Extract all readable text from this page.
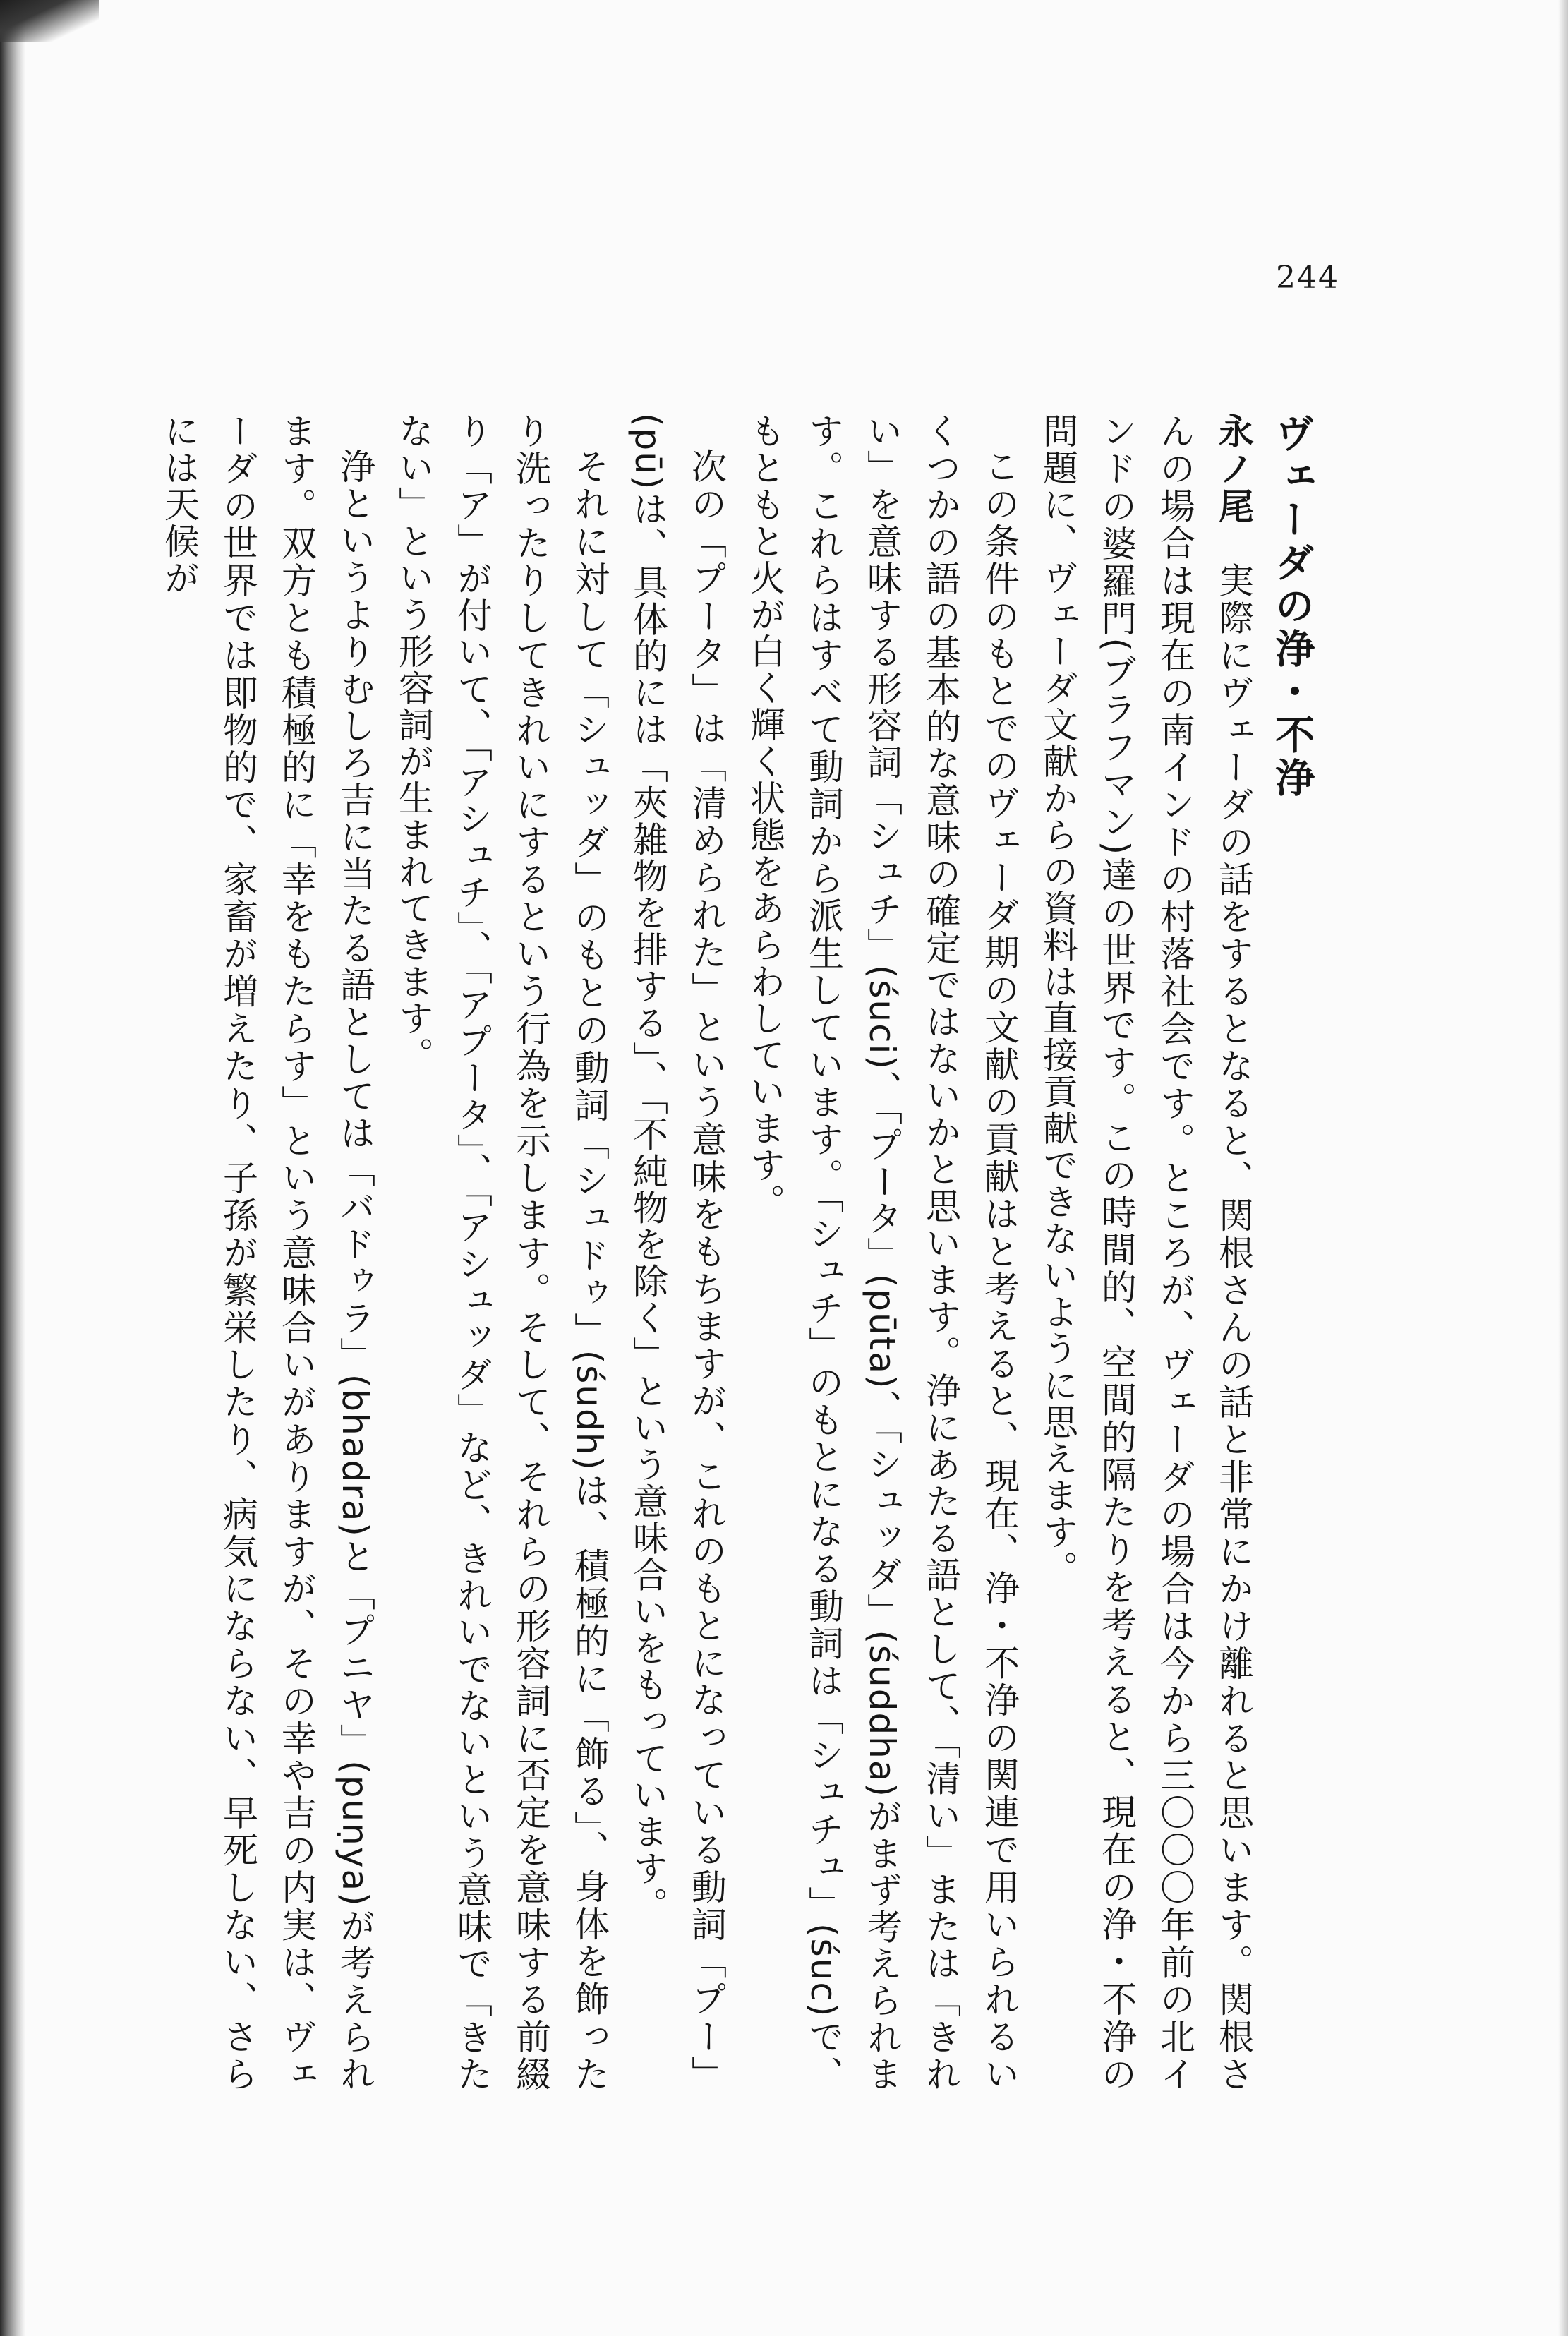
244

ヴェーダの浄・不浄

永ノ尾　実際にヴェーダの話をするとなると、関根さんの話と非常にかけ離れると思います。関根さんの場合は現在の南インドの村落社会です。ところが、ヴェーダの場合は今から三〇〇〇年前の北インドの婆羅門(ブラフマン)達の世界です。この時間的、空間的隔たりを考えると、現在の浄・不浄の問題に、ヴェーダ文献からの資料は直接貢献できないように思えます。

この条件のもとでのヴェーダ期の文献の貢献はと考えると、現在、浄・不浄の関連で用いられるいくつかの語の基本的な意味の確定ではないかと思います。浄にあたる語として、「清い」または「きれい」を意味する形容詞「シュチ」(śuci)、「プータ」(pūta)、「シュッダ」(śuddha)がまず考えられます。これらはすべて動詞から派生しています。「シュチ」のもとになる動詞は「シュチュ」(śuc)で、もともと火が白く輝く状態をあらわしています。

次の「プータ」は「清められた」という意味をもちますが、これのもとになっている動詞「プー」(pū)は、具体的には「夾雑物を排する」、「不純物を除く」という意味合いをもっています。

それに対して「シュッダ」のもとの動詞「シュドゥ」(śudh)は、積極的に「飾る」、身体を飾ったり洗ったりしてきれいにするという行為を示します。そして、それらの形容詞に否定を意味する前綴り「ア」が付いて、「アシュチ」、「アプータ」、「アシュッダ」など、きれいでないという意味で「きたない」という形容詞が生まれてきます。

浄というよりむしろ吉に当たる語としては「バドゥラ」(bhadra)と「プニヤ」(puṇya)が考えられます。双方とも積極的に「幸をもたらす」という意味合いがありますが、その幸や吉の内実は、ヴェーダの世界では即物的で、家畜が増えたり、子孫が繁栄したり、病気にならない、早死しない、さらには天候が
